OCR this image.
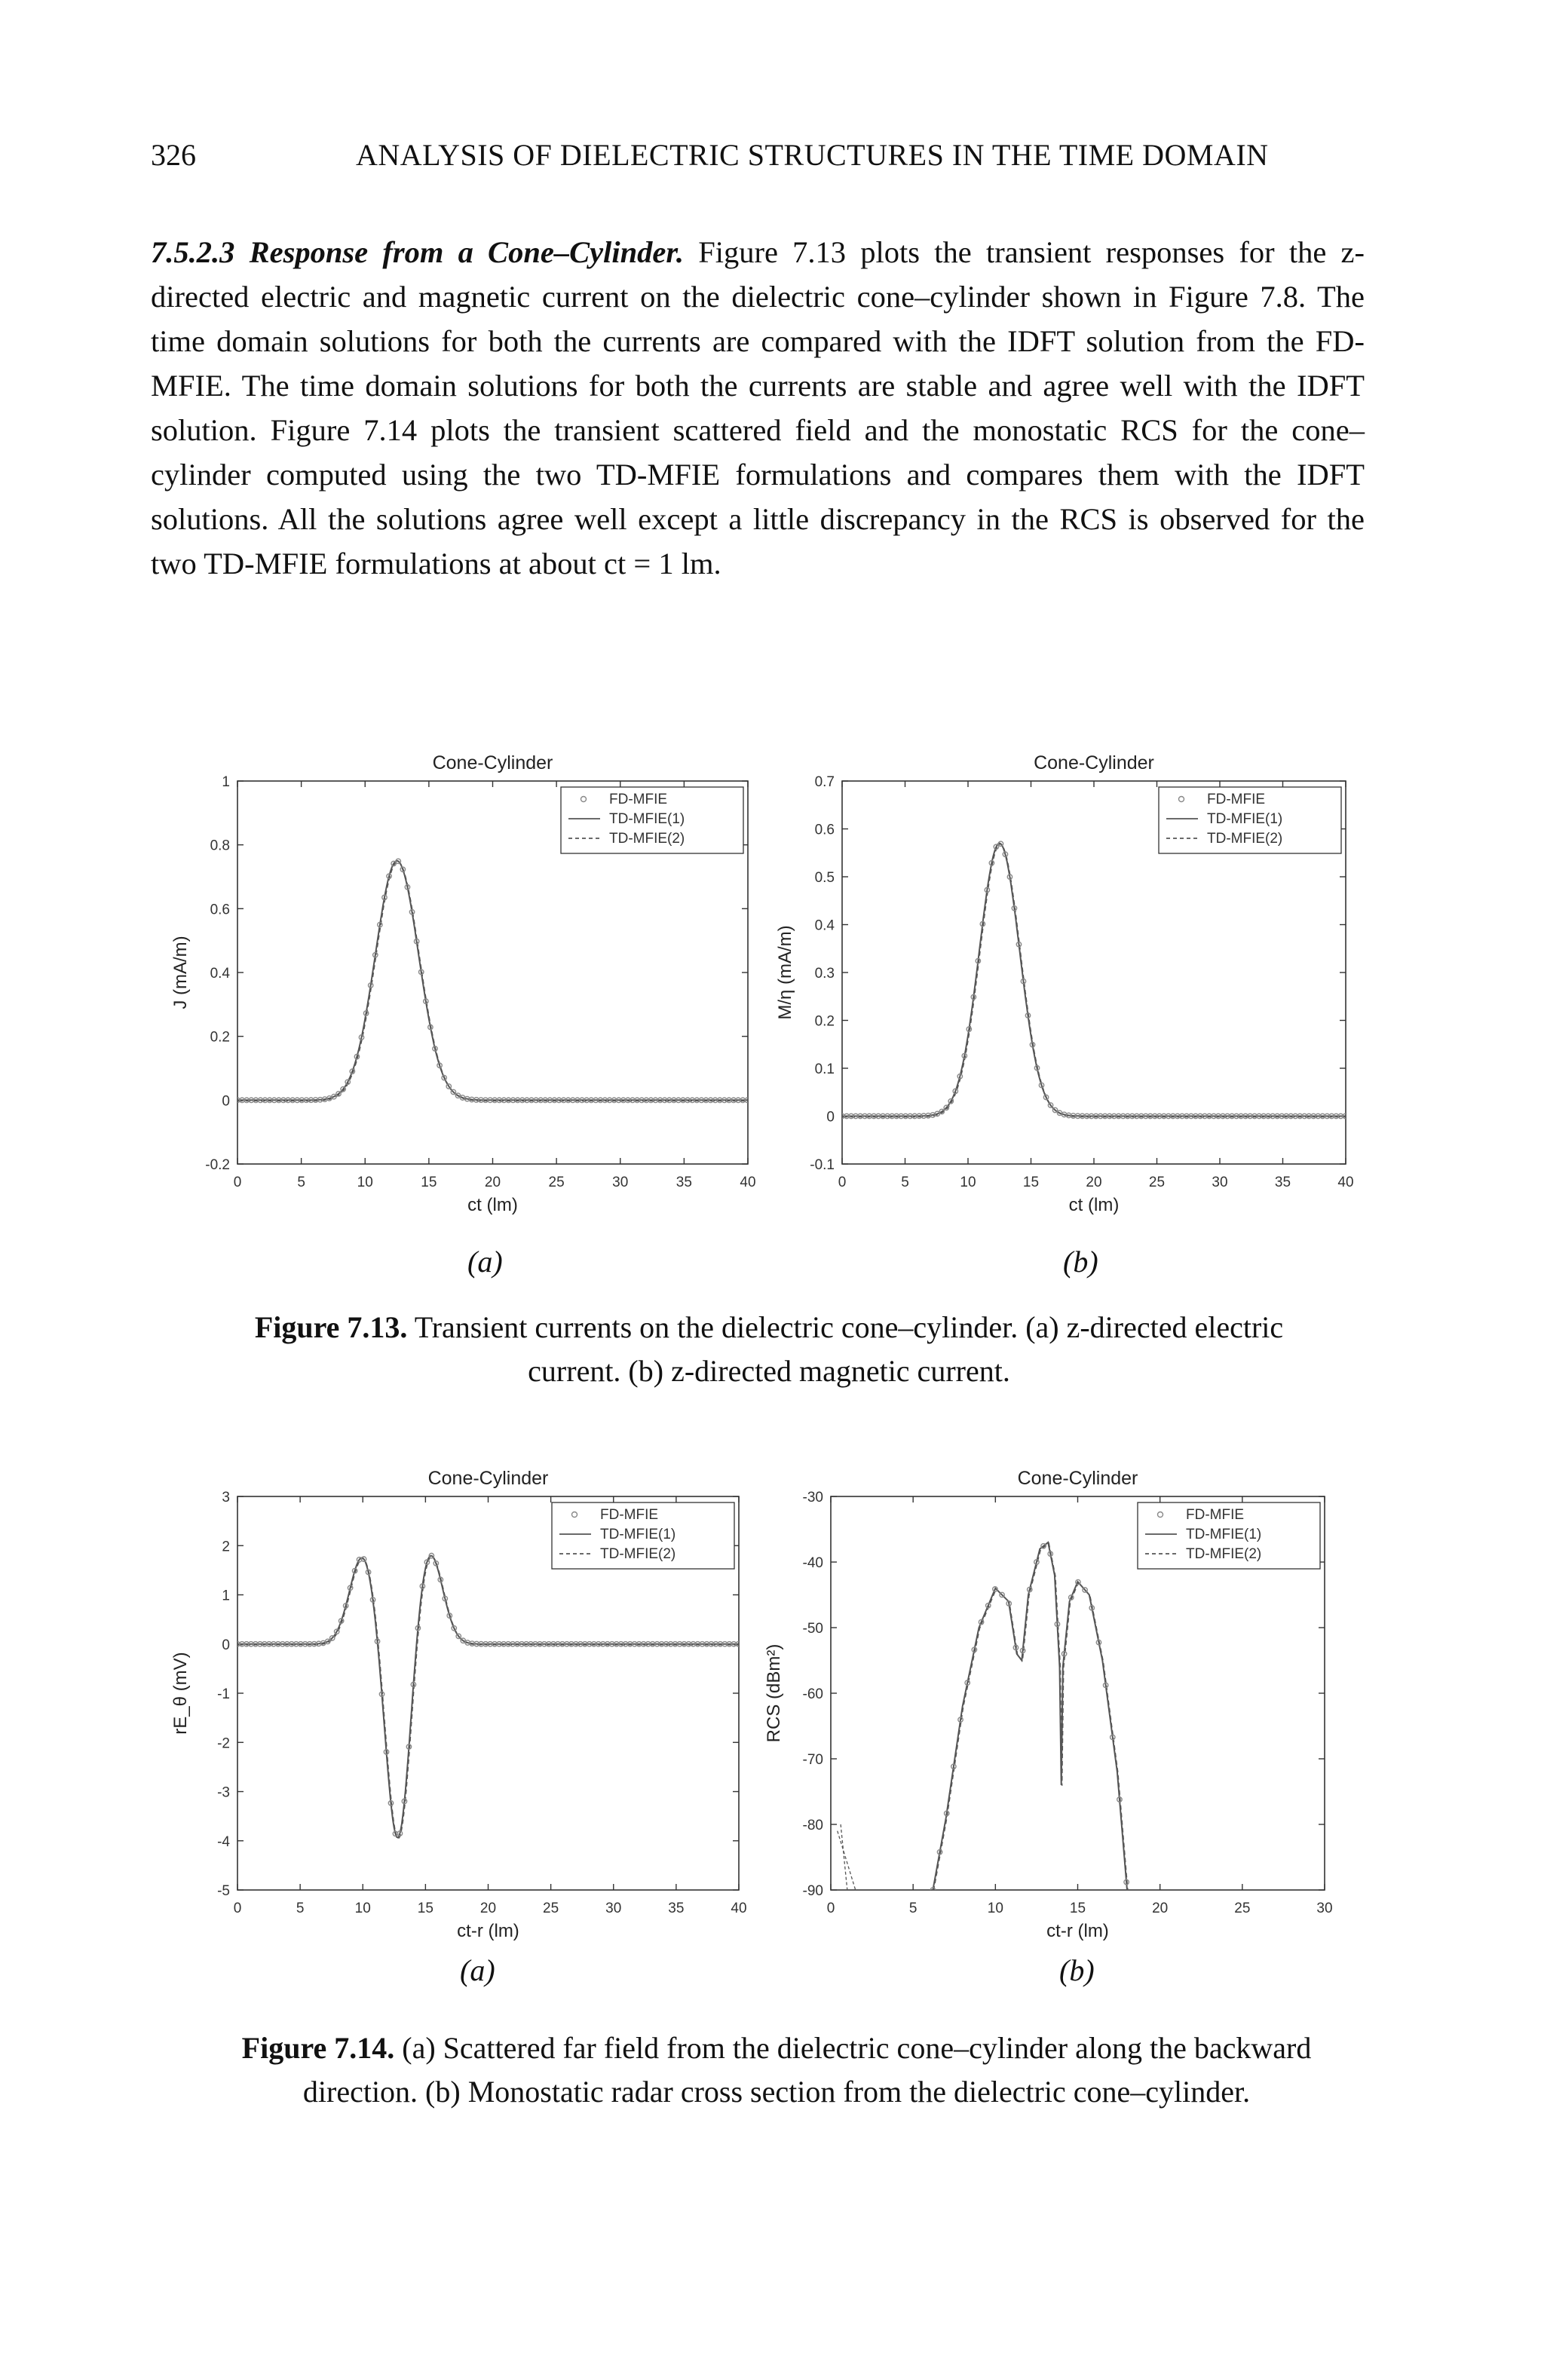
326	ANALYSIS OF DIELECTRIC STRUCTURES IN THE TIME DOMAIN

7.5.2.3 Response from a Cone–Cylinder. Figure 7.13 plots the transient responses for the z-directed electric and magnetic current on the dielectric cone–cylinder shown in Figure 7.8. The time domain solutions for both the currents are compared with the IDFT solution from the FD-MFIE. The time domain solutions for both the currents are stable and agree well with the IDFT solution. Figure 7.14 plots the transient scattered field and the monostatic RCS for the cone–cylinder computed using the two TD-MFIE formulations and compares them with the IDFT solutions. All the solutions agree well except a little discrepancy in the RCS is observed for the two TD-MFIE formulations at about ct = 1 lm.

0	5	10	15	20	25	30	35	40
-0.2
0
0.2
0.4
0.6
0.8
1
Cone-Cylinder
ct (lm)
J (mA/m)
FD-MFIE
TD-MFIE(1)
TD-MFIE(2)
0	5	10	15	20	25	30	35	40
-0.1
0
0.1
0.2
0.3
0.4
0.5
0.6
0.7
Cone-Cylinder
ct (lm)
M/η (mA/m)
FD-MFIE
TD-MFIE(1)
TD-MFIE(2)
0	5	10	15	20	25	30	35	40
-5
-4
-3
-2
-1
0
1
2
3
Cone-Cylinder
ct-r (lm)
rE_θ (mV)
FD-MFIE
TD-MFIE(1)
TD-MFIE(2)
0	5	10	15	20	25	30
-90
-80
-70
-60
-50
-40
-30
Cone-Cylinder
ct-r (lm)
RCS (dBm²)
FD-MFIE
TD-MFIE(1)
TD-MFIE(2)
(a)	(b)
Figure 7.13. Transient currents on the dielectric cone–cylinder. (a) z-directed electric current. (b) z-directed magnetic current.
(a)	(b)
Figure 7.14. (a) Scattered far field from the dielectric cone–cylinder along the backward direction. (b) Monostatic radar cross section from the dielectric cone–cylinder.
